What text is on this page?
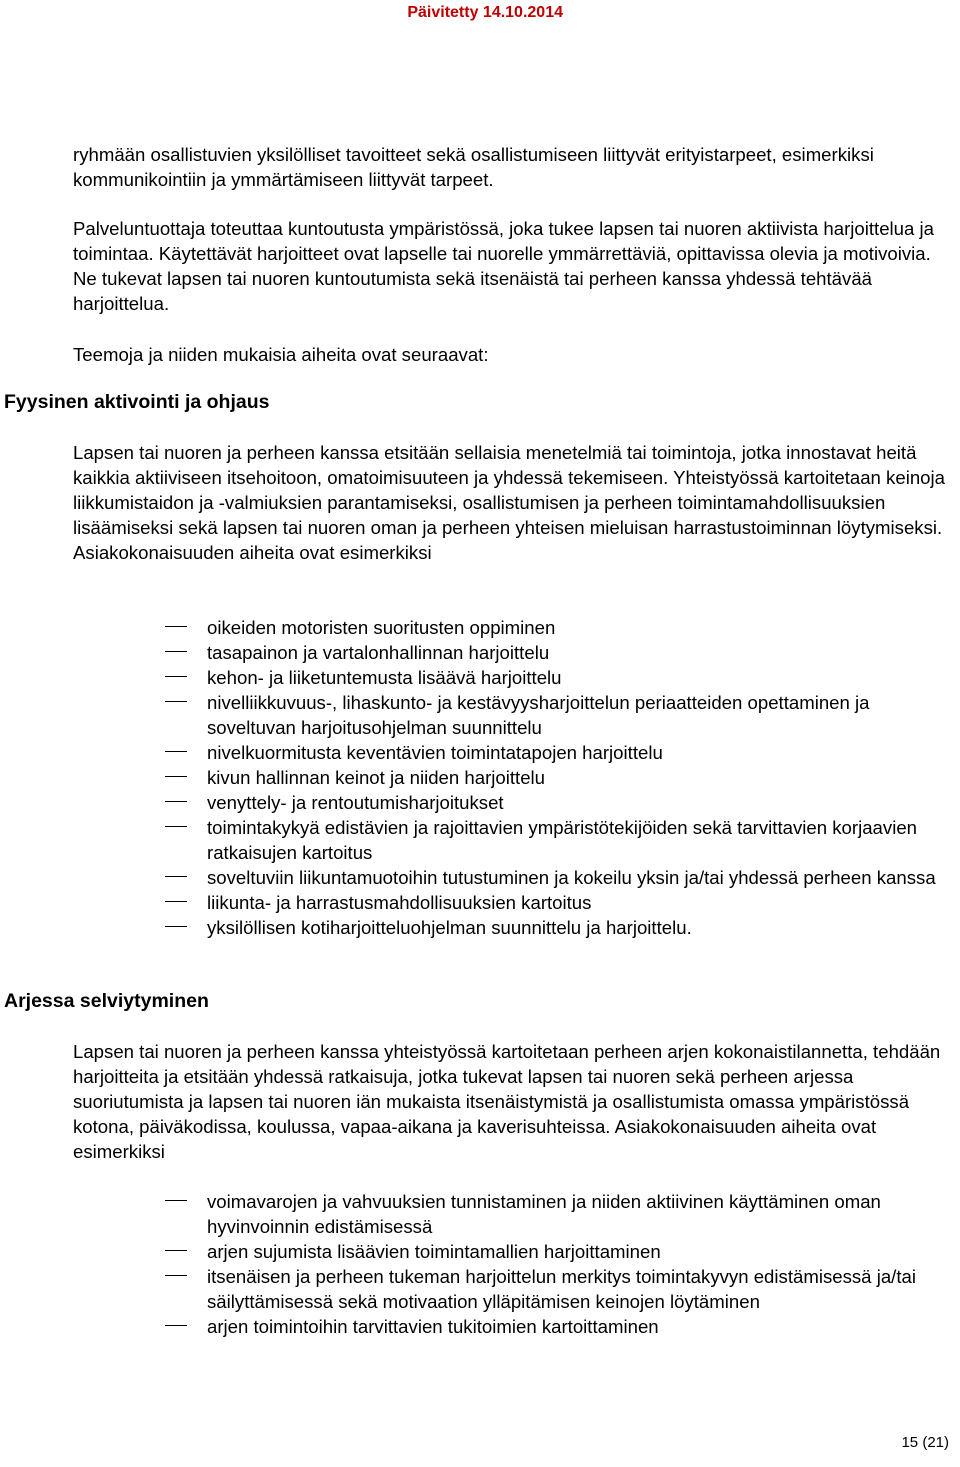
Päivitetty 14.10.2014

ryhmään osallistuvien yksilölliset tavoitteet sekä osallistumiseen liittyvät erityistarpeet, esimerkiksi kommunikointiin ja ymmärtämiseen liittyvät tarpeet.

Palveluntuottaja toteuttaa kuntoutusta ympäristössä, joka tukee lapsen tai nuoren aktiivista harjoittelua ja toimintaa. Käytettävät harjoitteet ovat lapselle tai nuorelle ymmärrettäviä, opittavissa olevia ja motivoivia. Ne tukevat lapsen tai nuoren kuntoutumista sekä itsenäistä tai perheen kanssa yhdessä tehtävää harjoittelua.

Teemoja ja niiden mukaisia aiheita ovat seuraavat:

Fyysinen aktivointi ja ohjaus

Lapsen tai nuoren ja perheen kanssa etsitään sellaisia menetelmiä tai toimintoja, jotka innostavat heitä kaikkia aktiiviseen itsehoitoon, omatoimisuuteen ja yhdessä tekemiseen. Yhteistyössä kartoitetaan keinoja liikkumistaidon ja -valmiuksien parantamiseksi, osallistumisen ja perheen toimintamahdollisuuksien lisäämiseksi sekä lapsen tai nuoren oman ja perheen yhteisen mieluisan harrastustoiminnan löytymiseksi. Asiakokonaisuuden aiheita ovat esimerkiksi

oikeiden motoristen suoritusten oppiminen
tasapainon ja vartalonhallinnan harjoittelu
kehon- ja liiketuntemusta lisäävä harjoittelu
nivelliikkuvuus-, lihaskunto- ja kestävyysharjoittelun periaatteiden opettaminen ja soveltuvan harjoitusohjelman suunnittelu
nivelkuormitusta keventävien toimintatapojen harjoittelu
kivun hallinnan keinot ja niiden harjoittelu
venyttely- ja rentoutumisharjoitukset
toimintakykyä edistävien ja rajoittavien ympäristötekijöiden sekä tarvittavien korjaavien ratkaisujen kartoitus
soveltuviin liikuntamuotoihin tutustuminen ja kokeilu yksin ja/tai yhdessä perheen kanssa
liikunta- ja harrastusmahdollisuuksien kartoitus
yksilöllisen kotiharjoitteluohjelman suunnittelu ja harjoittelu.
Arjessa selviytyminen

Lapsen tai nuoren ja perheen kanssa yhteistyössä kartoitetaan perheen arjen kokonaistilannetta, tehdään harjoitteita ja etsitään yhdessä ratkaisuja, jotka tukevat lapsen tai nuoren sekä perheen arjessa suoriutumista ja lapsen tai nuoren iän mukaista itsenäistymistä ja osallistumista omassa ympäristössä kotona, päiväkodissa, koulussa, vapaa-aikana ja kaverisuhteissa. Asiakokonaisuuden aiheita ovat esimerkiksi

voimavarojen ja vahvuuksien tunnistaminen ja niiden aktiivinen käyttäminen oman hyvinvoinnin edistämisessä
arjen sujumista lisäävien toimintamallien harjoittaminen
itsenäisen ja perheen tukeman harjoittelun merkitys toimintakyvyn edistämisessä ja/tai säilyttämisessä sekä motivaation ylläpitämisen keinojen löytäminen
arjen toimintoihin tarvittavien tukitoimien kartoittaminen
15 (21)
